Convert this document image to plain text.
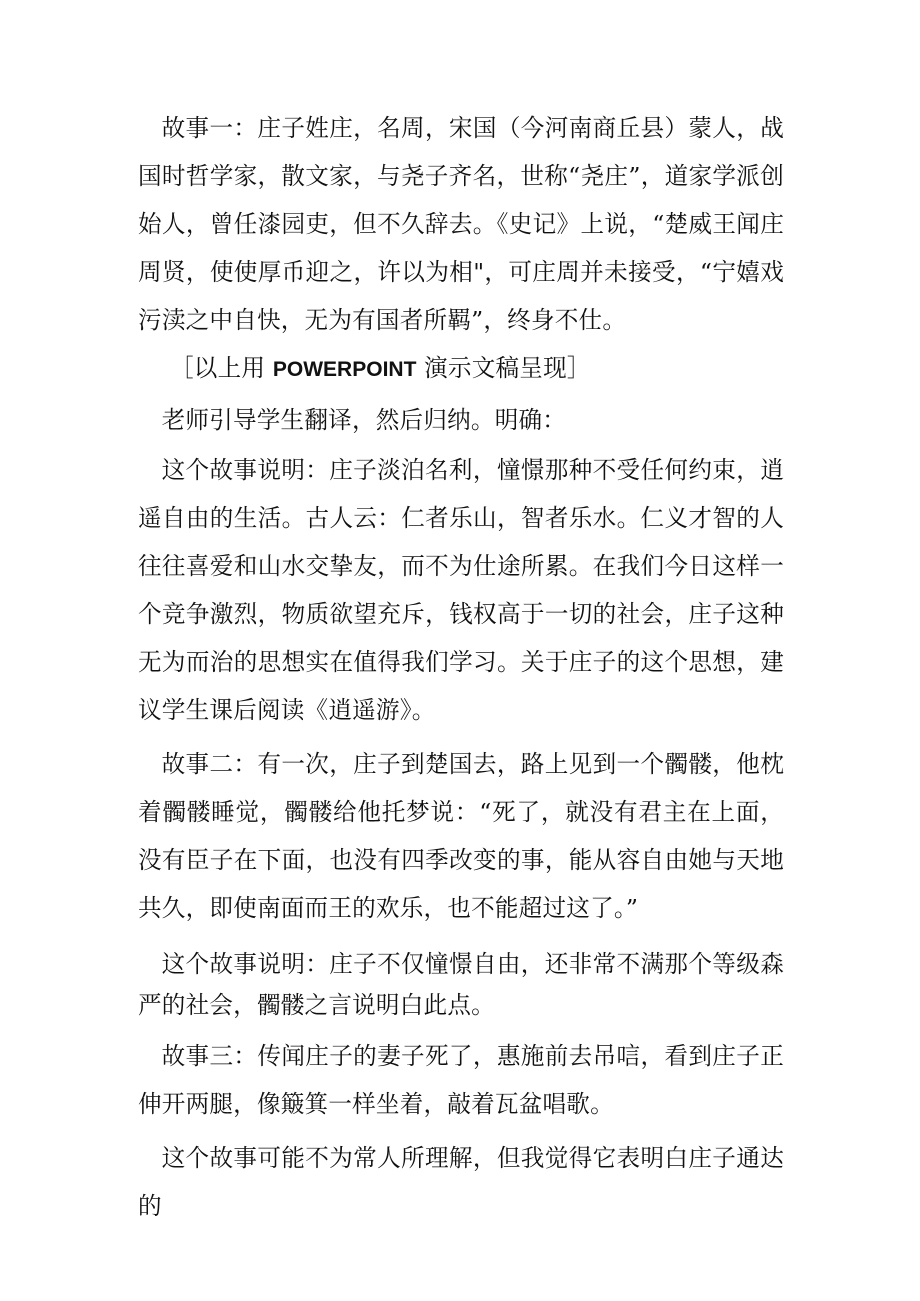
故事一：庄子姓庄，名周，宋国（今河南商丘县）蒙人，战国时哲学家，散文家，与尧子齐名，世称“尧庄”，道家学派创始人，曾任漆园吏，但不久辞去。《史记》上说，“楚威王闻庄周贤，使使厚币迎之，许以为相"，可庄周并未接受，“宁嬉戏污渎之中自快，无为有国者所羁”，终身不仕。

［以上用 POWERPOINT 演示文稿呈现］

老师引导学生翻译，然后归纳。明确：

这个故事说明：庄子淡泊名利，憧憬那种不受任何约束，逍遥自由的生活。古人云：仁者乐山，智者乐水。仁义才智的人往往喜爱和山水交挚友，而不为仕途所累。在我们今日这样一个竞争激烈，物质欲望充斥，钱权高于一切的社会，庄子这种无为而治的思想实在值得我们学习。关于庄子的这个思想，建议学生课后阅读《逍遥游》。

故事二：有一次，庄子到楚国去，路上见到一个髑髅，他枕着髑髅睡觉，髑髅给他托梦说：“死了，就没有君主在上面，没有臣子在下面，也没有四季改变的事，能从容自由她与天地共久，即使南面而王的欢乐，也不能超过这了。”

这个故事说明：庄子不仅憧憬自由，还非常不满那个等级森严的社会，髑髅之言说明白此点。

故事三：传闻庄子的妻子死了，惠施前去吊唁，看到庄子正伸开两腿，像簸箕一样坐着，敲着瓦盆唱歌。

这个故事可能不为常人所理解，但我觉得它表明白庄子通达的
